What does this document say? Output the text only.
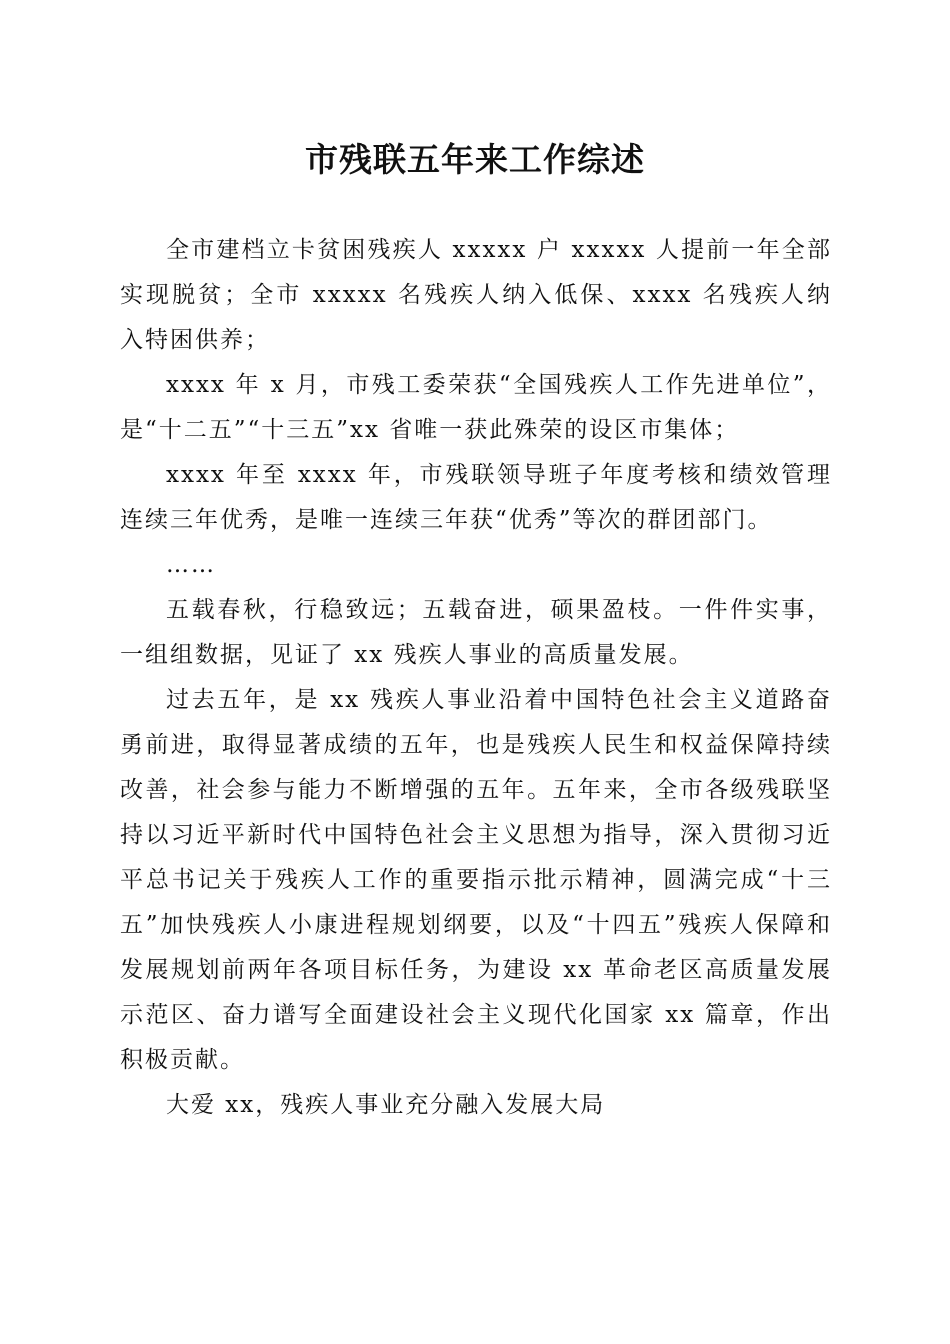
市残联五年来工作综述

全市建档立卡贫困残疾人 xxxxx 户 xxxxx 人提前一年全部实现脱贫；全市 xxxxx 名残疾人纳入低保、xxxx 名残疾人纳入特困供养；

xxxx 年 x 月，市残工委荣获“全国残疾人工作先进单位”，是“十二五”“十三五”xx 省唯一获此殊荣的设区市集体；

xxxx 年至 xxxx 年，市残联领导班子年度考核和绩效管理连续三年优秀，是唯一连续三年获“优秀”等次的群团部门。

……

五载春秋，行稳致远；五载奋进，硕果盈枝。一件件实事，一组组数据，见证了 xx 残疾人事业的高质量发展。

过去五年，是 xx 残疾人事业沿着中国特色社会主义道路奋勇前进，取得显著成绩的五年，也是残疾人民生和权益保障持续改善，社会参与能力不断增强的五年。五年来，全市各级残联坚持以习近平新时代中国特色社会主义思想为指导，深入贯彻习近平总书记关于残疾人工作的重要指示批示精神，圆满完成“十三五”加快残疾人小康进程规划纲要，以及“十四五”残疾人保障和发展规划前两年各项目标任务，为建设 xx 革命老区高质量发展示范区、奋力谱写全面建设社会主义现代化国家 xx 篇章，作出积极贡献。

大爱 xx，残疾人事业充分融入发展大局
